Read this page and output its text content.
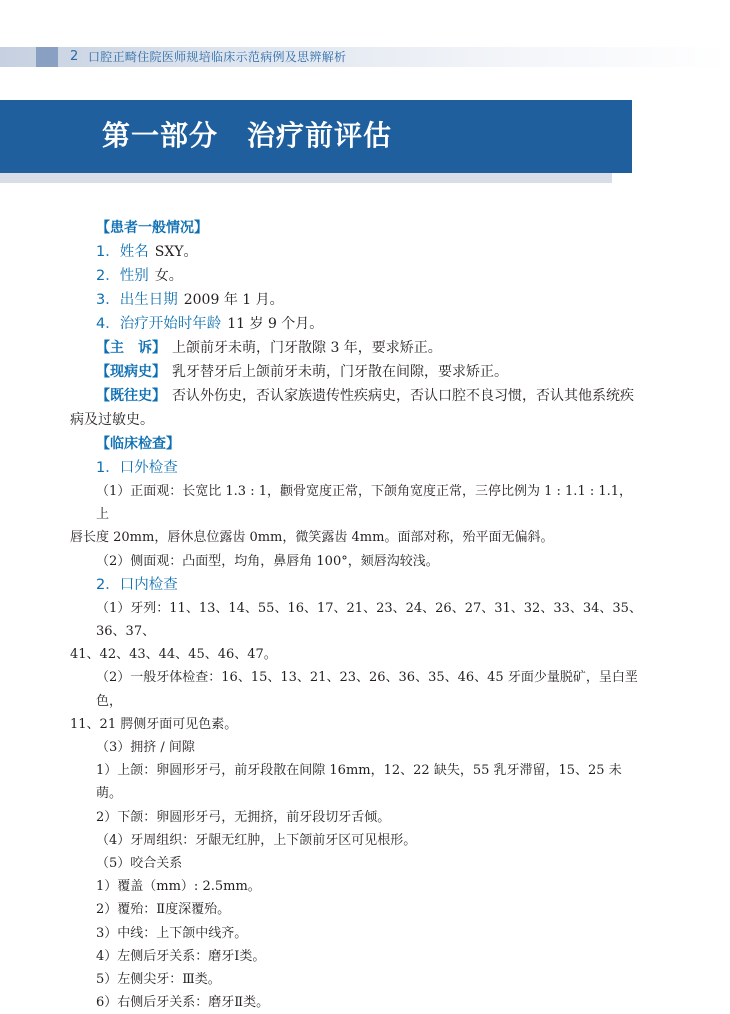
2 口腔正畸住院医师规培临床示范病例及思辨解析
第一部分　治疗前评估

【患者一般情况】

1．姓名 SXY。

2．性别 女。

3．出生日期 2009 年 1 月。

4．治疗开始时年龄 11 岁 9 个月。

【主　诉】 上颌前牙未萌，门牙散隙 3 年，要求矫正。

【现病史】 乳牙替牙后上颌前牙未萌，门牙散在间隙，要求矫正。

【既往史】 否认外伤史，否认家族遗传性疾病史，否认口腔不良习惯，否认其他系统疾

病及过敏史。

【临床检查】

1．口外检查

（1）正面观：长宽比 1.3 : 1，颧骨宽度正常，下颌角宽度正常，三停比例为 1 : 1.1 : 1.1，上

唇长度 20mm，唇休息位露齿 0mm，微笑露齿 4mm。面部对称，殆平面无偏斜。

（2）侧面观：凸面型，均角，鼻唇角 100°，颏唇沟较浅。

2．口内检查

（1）牙列：11、13、14、55、16、17、21、23、24、26、27、31、32、33、34、35、36、37、

41、42、43、44、45、46、47。

（2）一般牙体检查：16、15、13、21、23、26、36、35、46、45 牙面少量脱矿，呈白垩色，

11、21 腭侧牙面可见色素。

（3）拥挤 / 间隙

1）上颌：卵圆形牙弓，前牙段散在间隙 16mm，12、22 缺失，55 乳牙滞留，15、25 未萌。

2）下颌：卵圆形牙弓，无拥挤，前牙段切牙舌倾。

（4）牙周组织：牙龈无红肿，上下颌前牙区可见根形。

（5）咬合关系

1）覆盖（mm）: 2.5mm。

2）覆殆：Ⅱ度深覆殆。

3）中线：上下颌中线齐。

4）左侧后牙关系：磨牙Ⅰ类。

5）左侧尖牙：Ⅲ类。

6）右侧后牙关系：磨牙Ⅱ类。
